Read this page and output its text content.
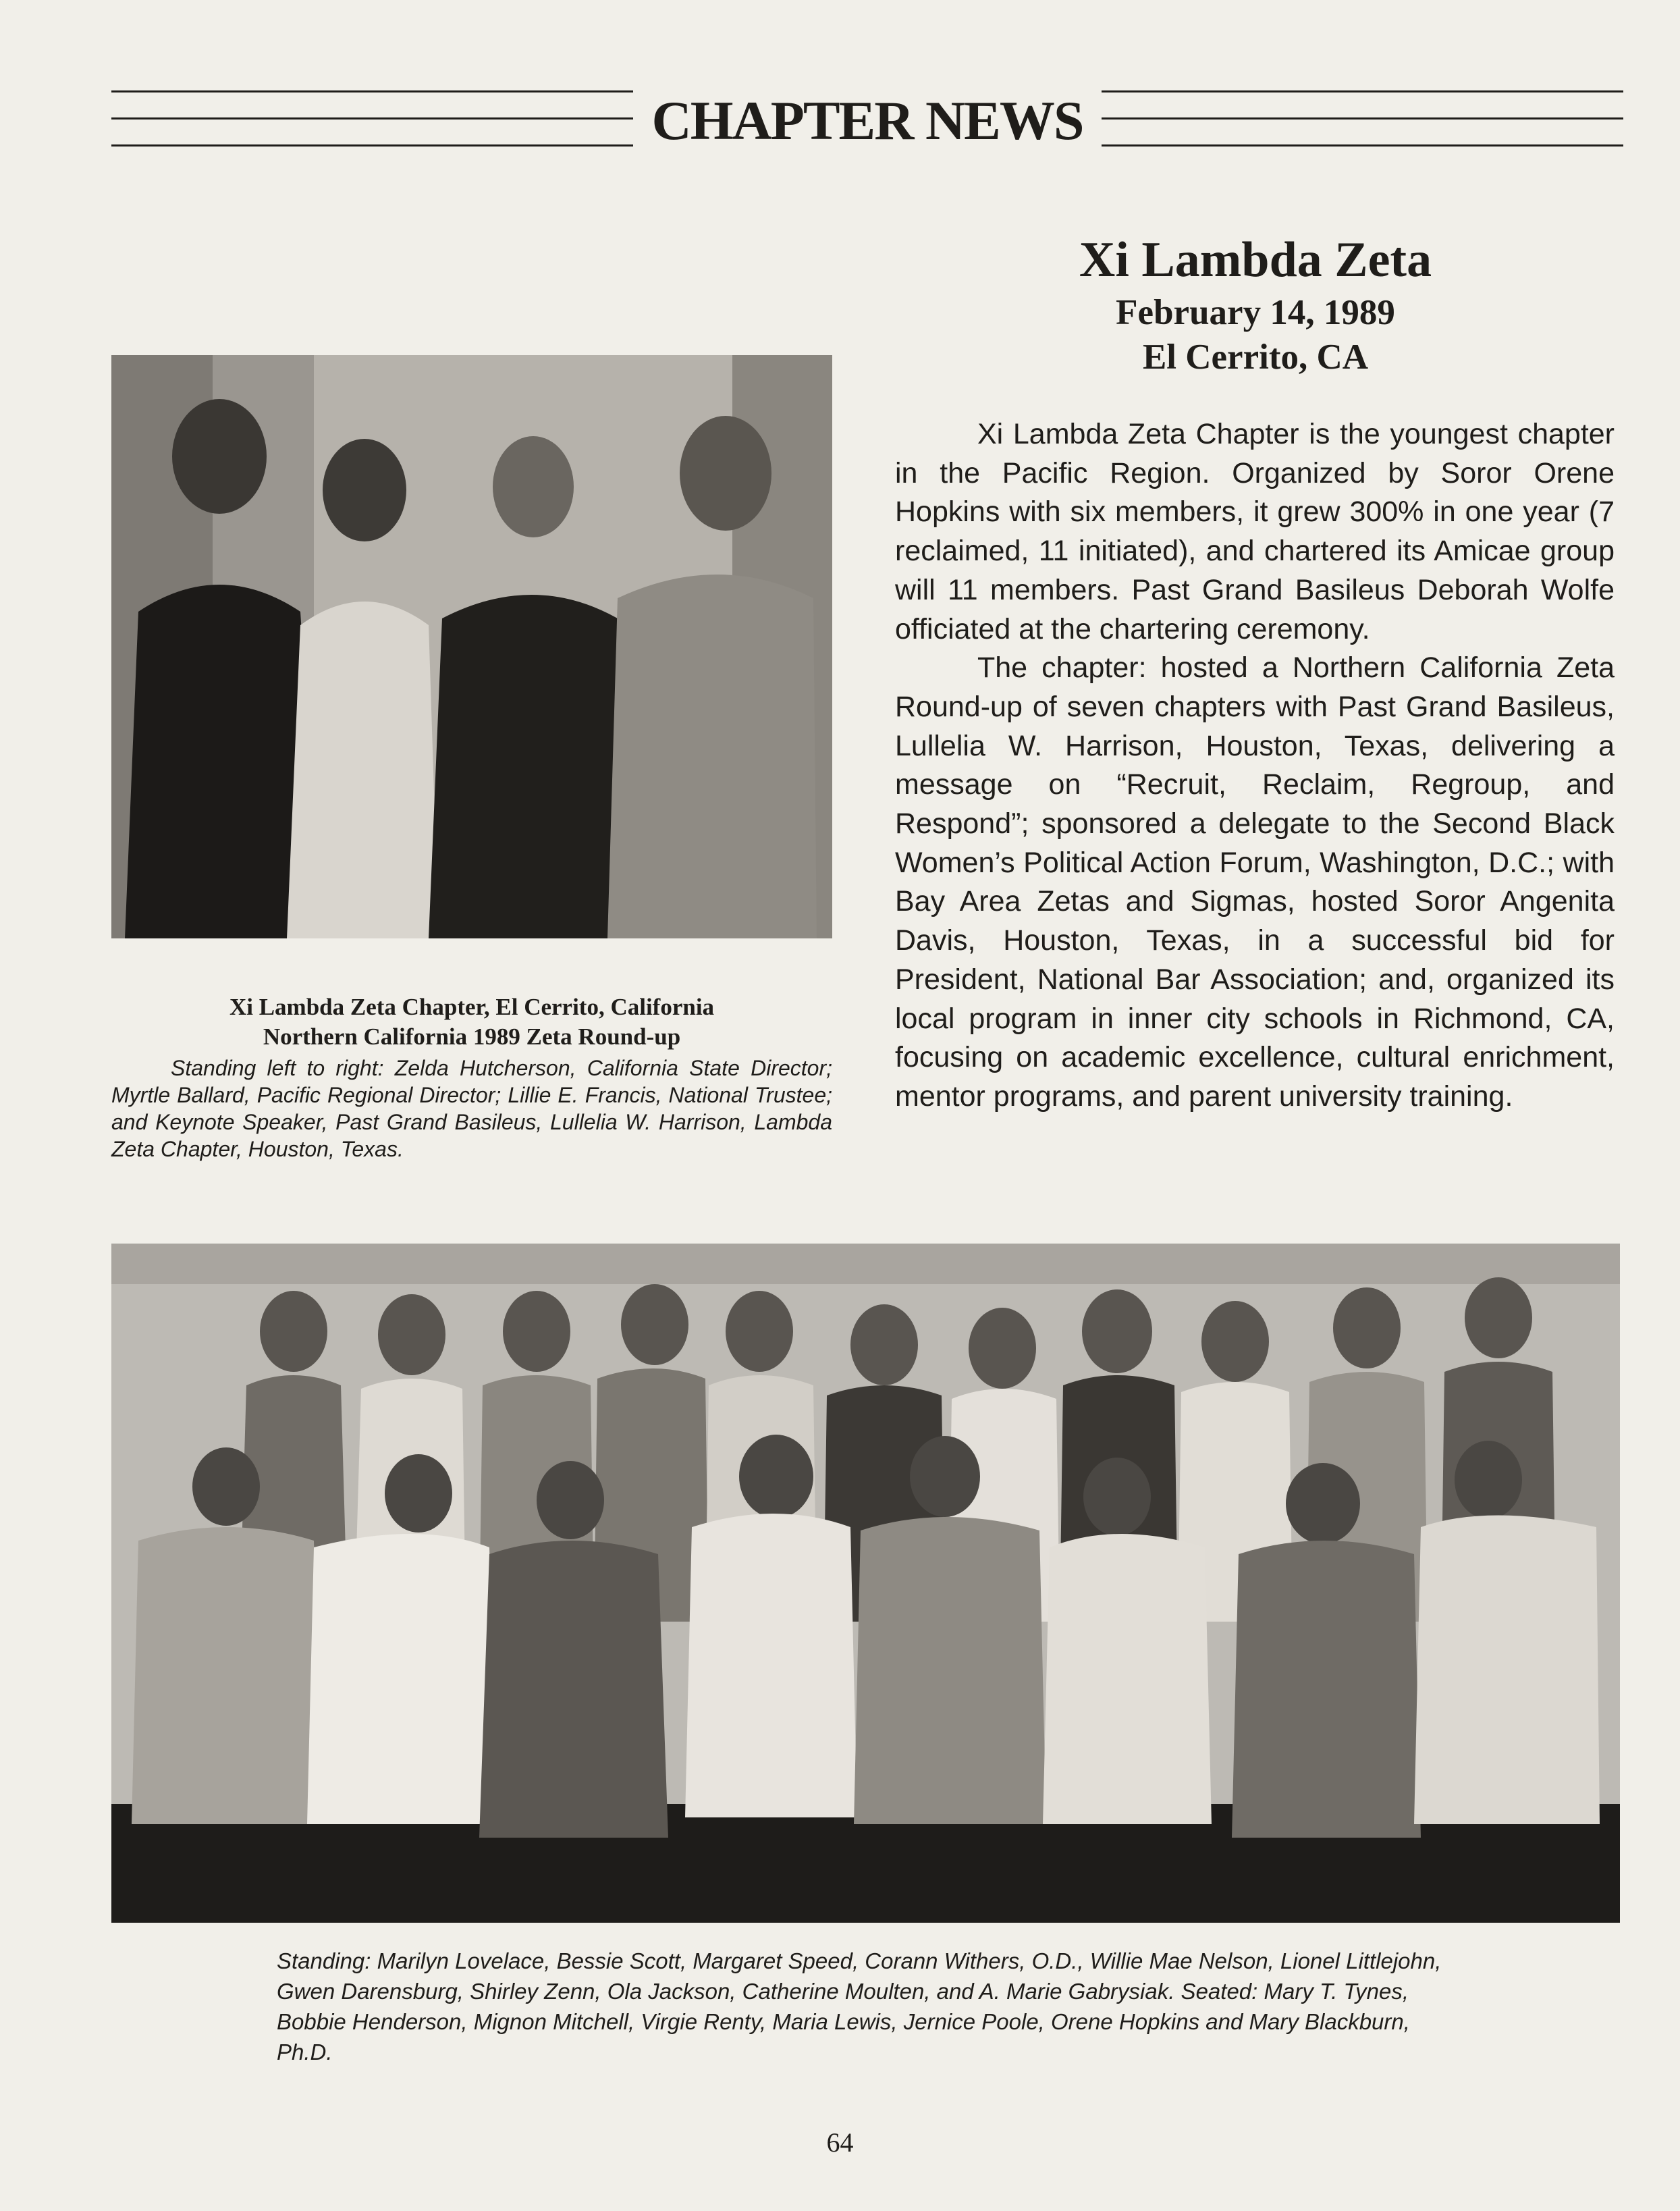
CHAPTER NEWS
Xi Lambda Zeta Chapter, El Cerrito, California
Northern California 1989 Zeta Round-up
Standing left to right: Zelda Hutcherson, California State Director; Myrtle Ballard, Pacific Regional Director; Lillie E. Francis, National Trustee; and Keynote Speaker, Past Grand Basileus, Lullelia W. Harrison, Lambda Zeta Chapter, Houston, Texas.
Xi Lambda Zeta
February 14, 1989
El Cerrito, CA

Xi Lambda Zeta Chapter is the youngest chapter in the Pacific Region. Organized by Soror Orene Hopkins with six members, it grew 300% in one year (7 reclaimed, 11 initiated), and chartered its Amicae group will 11 members. Past Grand Basileus Deborah Wolfe officiated at the chartering ceremony.

The chapter: hosted a Northern California Zeta Round-up of seven chapters with Past Grand Basileus, Lullelia W. Harrison, Houston, Texas, delivering a message on “Recruit, Reclaim, Regroup, and Respond”; sponsored a delegate to the Second Black Women’s Political Action Forum, Washington, D.C.; with Bay Area Zetas and Sigmas, hosted Soror Angenita Davis, Houston, Texas, in a successful bid for President, National Bar Association; and, organized its local program in inner city schools in Richmond, CA, focusing on academic excellence, cultural enrichment, mentor programs, and parent university training.

Standing: Marilyn Lovelace, Bessie Scott, Margaret Speed, Corann Withers, O.D., Willie Mae Nelson, Lionel Littlejohn, Gwen Darensburg, Shirley Zenn, Ola Jackson, Catherine Moulten, and A. Marie Gabrysiak. Seated: Mary T. Tynes, Bobbie Henderson, Mignon Mitchell, Virgie Renty, Maria Lewis, Jernice Poole, Orene Hopkins and Mary Blackburn, Ph.D.
64
